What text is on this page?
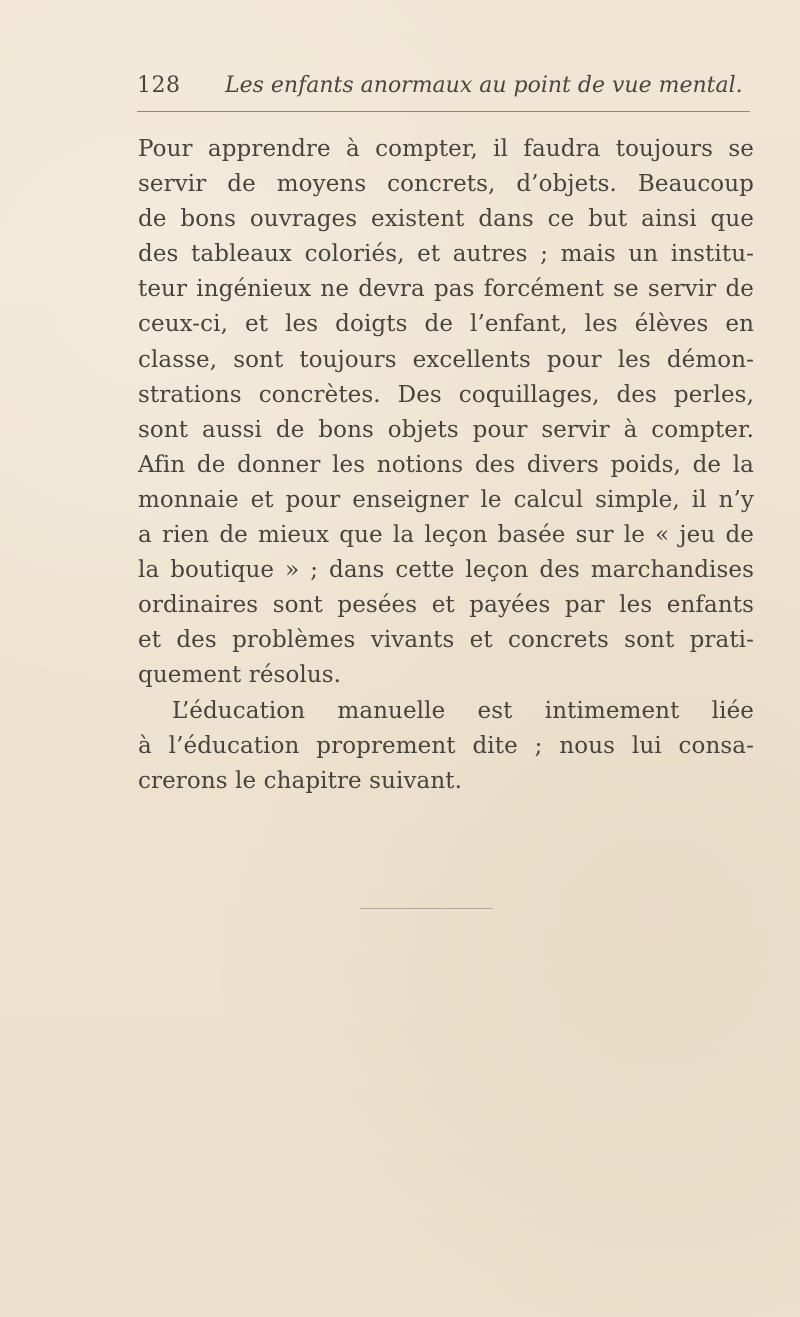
128 Les enfants anormaux au point de vue mental.
Pour apprendre à compter, il faudra toujours se
servir de moyens concrets, d’objets. Beaucoup
de bons ouvrages existent dans ce but ainsi que
des tableaux coloriés, et autres ; mais un institu-
teur ingénieux ne devra pas forcément se servir de
ceux-ci, et les doigts de l’enfant, les élèves en
classe, sont toujours excellents pour les démon-
strations concrètes. Des coquillages, des perles,
sont aussi de bons objets pour servir à compter.
Afin de donner les notions des divers poids, de la
monnaie et pour enseigner le calcul simple, il n’y
a rien de mieux que la leçon basée sur le « jeu de
la boutique » ; dans cette leçon des marchandises
ordinaires sont pesées et payées par les enfants
et des problèmes vivants et concrets sont prati-
quement résolus.
L’éducation manuelle est intimement liée
à l’éducation proprement dite ; nous lui consa-
crerons le chapitre suivant.
